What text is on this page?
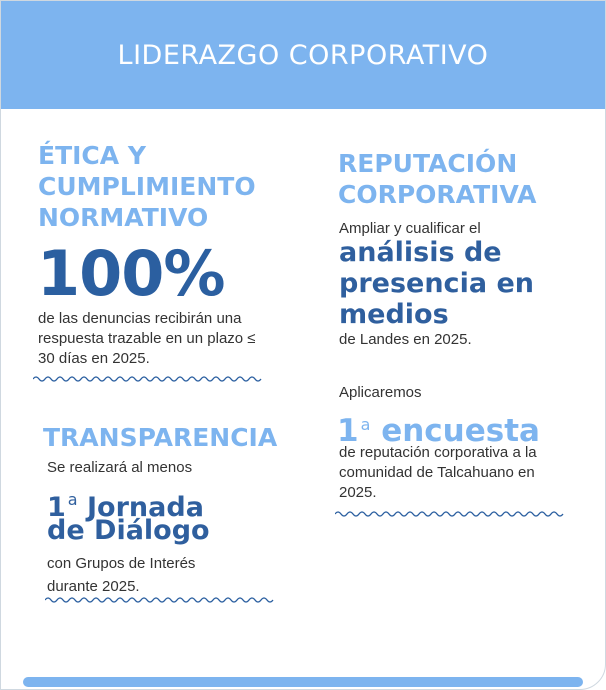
LIDERAZGO CORPORATIVO
ÉTICA Y
CUMPLIMIENTO
NORMATIVO
100%
de las denuncias recibirán una
respuesta trazable en un plazo ≤
30 días en 2025.
TRANSPARENCIA
Se realizará al menos
1 $^a$ Jornada
de Diálogo
con Grupos de Interés
durante 2025.
REPUTACIÓN
CORPORATIVA
Ampliar y cualificar el
análisis de
presencia en
medios
de Landes en 2025.
Aplicaremos
1 $^a$ encuesta
de reputación corporativa a la
comunidad de Talcahuano en
2025.
